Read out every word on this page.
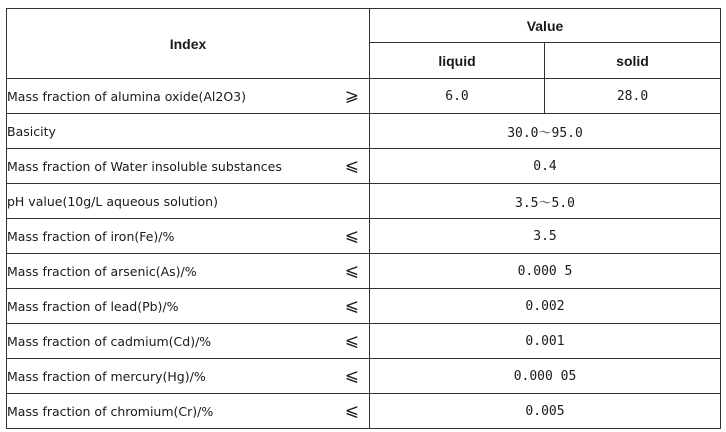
Index	Value	
	liquid	solid
Mass fraction of alumina oxide(Al2O3) ⩾	6.0	28.0
Basicity	30.0～95.0	
Mass fraction of Water insoluble substances ⩽	0.4	
pH value(10g/L aqueous solution)	3.5～5.0	
Mass fraction of iron(Fe)/% ⩽	3.5	
Mass fraction of arsenic(As)/% ⩽	0.000 5	
Mass fraction of lead(Pb)/% ⩽	0.002	
Mass fraction of cadmium(Cd)/% ⩽	0.001	
Mass fraction of mercury(Hg)/% ⩽	0.000 05	
Mass fraction of chromium(Cr)/% ⩽	0.005	
